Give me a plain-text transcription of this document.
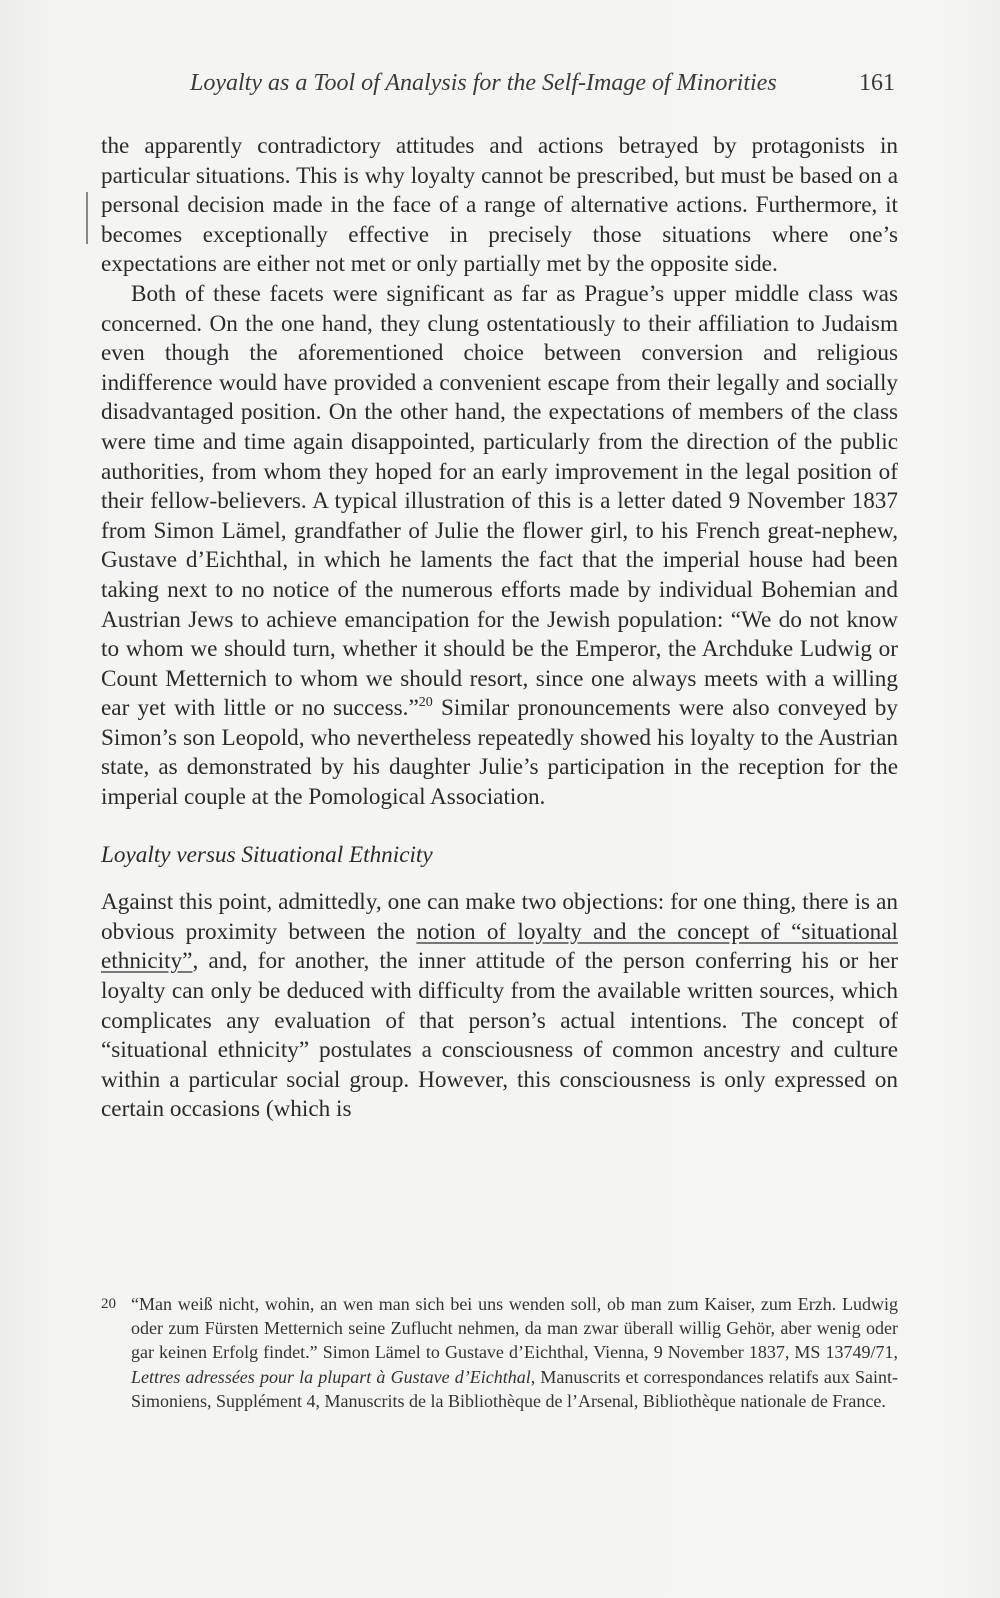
Loyalty as a Tool of Analysis for the Self-Image of Minorities	161

the apparently contradictory attitudes and actions betrayed by protagonists in particular situations. This is why loyalty cannot be prescribed, but must be based on a personal decision made in the face of a range of alternative actions. Furthermore, it becomes exceptionally effective in precisely those situations where one’s expectations are either not met or only partially met by the opposite side.

Both of these facets were significant as far as Prague’s upper middle class was concerned. On the one hand, they clung ostentatiously to their affiliation to Judaism even though the aforementioned choice between conversion and religious indifference would have provided a convenient escape from their legally and socially disadvantaged position. On the other hand, the expectations of members of the class were time and time again disappointed, particularly from the direction of the public authorities, from whom they hoped for an early improvement in the legal position of their fellow-believers. A typical illustration of this is a letter dated 9 November 1837 from Simon Lämel, grandfather of Julie the flower girl, to his French great-nephew, Gustave d’Eichthal, in which he laments the fact that the imperial house had been taking next to no notice of the numerous efforts made by individual Bohemian and Austrian Jews to achieve emancipation for the Jewish population: “We do not know to whom we should turn, whether it should be the Emperor, the Archduke Ludwig or Count Metternich to whom we should resort, since one always meets with a willing ear yet with little or no success.”$^{20}$ Similar pronouncements were also conveyed by Simon’s son Leopold, who nevertheless repeatedly showed his loyalty to the Austrian state, as demonstrated by his daughter Julie’s participation in the reception for the imperial couple at the Pomological Association.

Loyalty versus Situational Ethnicity

Against this point, admittedly, one can make two objections: for one thing, there is an obvious proximity between the notion of loyalty and the concept of “situational ethnicity”, and, for another, the inner attitude of the person conferring his or her loyalty can only be deduced with difficulty from the available written sources, which complicates any evaluation of that person’s actual intentions. The concept of “situational ethnicity” postulates a consciousness of common ancestry and culture within a particular social group. However, this consciousness is only expressed on certain occasions (which is

20 “Man weiß nicht, wohin, an wen man sich bei uns wenden soll, ob man zum Kaiser, zum Erzh. Ludwig oder zum Fürsten Metternich seine Zuflucht nehmen, da man zwar überall willig Gehör, aber wenig oder gar keinen Erfolg findet.” Simon Lämel to Gustave d’Eichthal, Vienna, 9 November 1837, MS 13749/71, Lettres adressées pour la plupart à Gustave d’Eichthal, Manuscrits et correspondances relatifs aux Saint-Simoniens, Supplément 4, Manuscrits de la Bibliothèque de l’Arsenal, Bibliothèque nationale de France.
